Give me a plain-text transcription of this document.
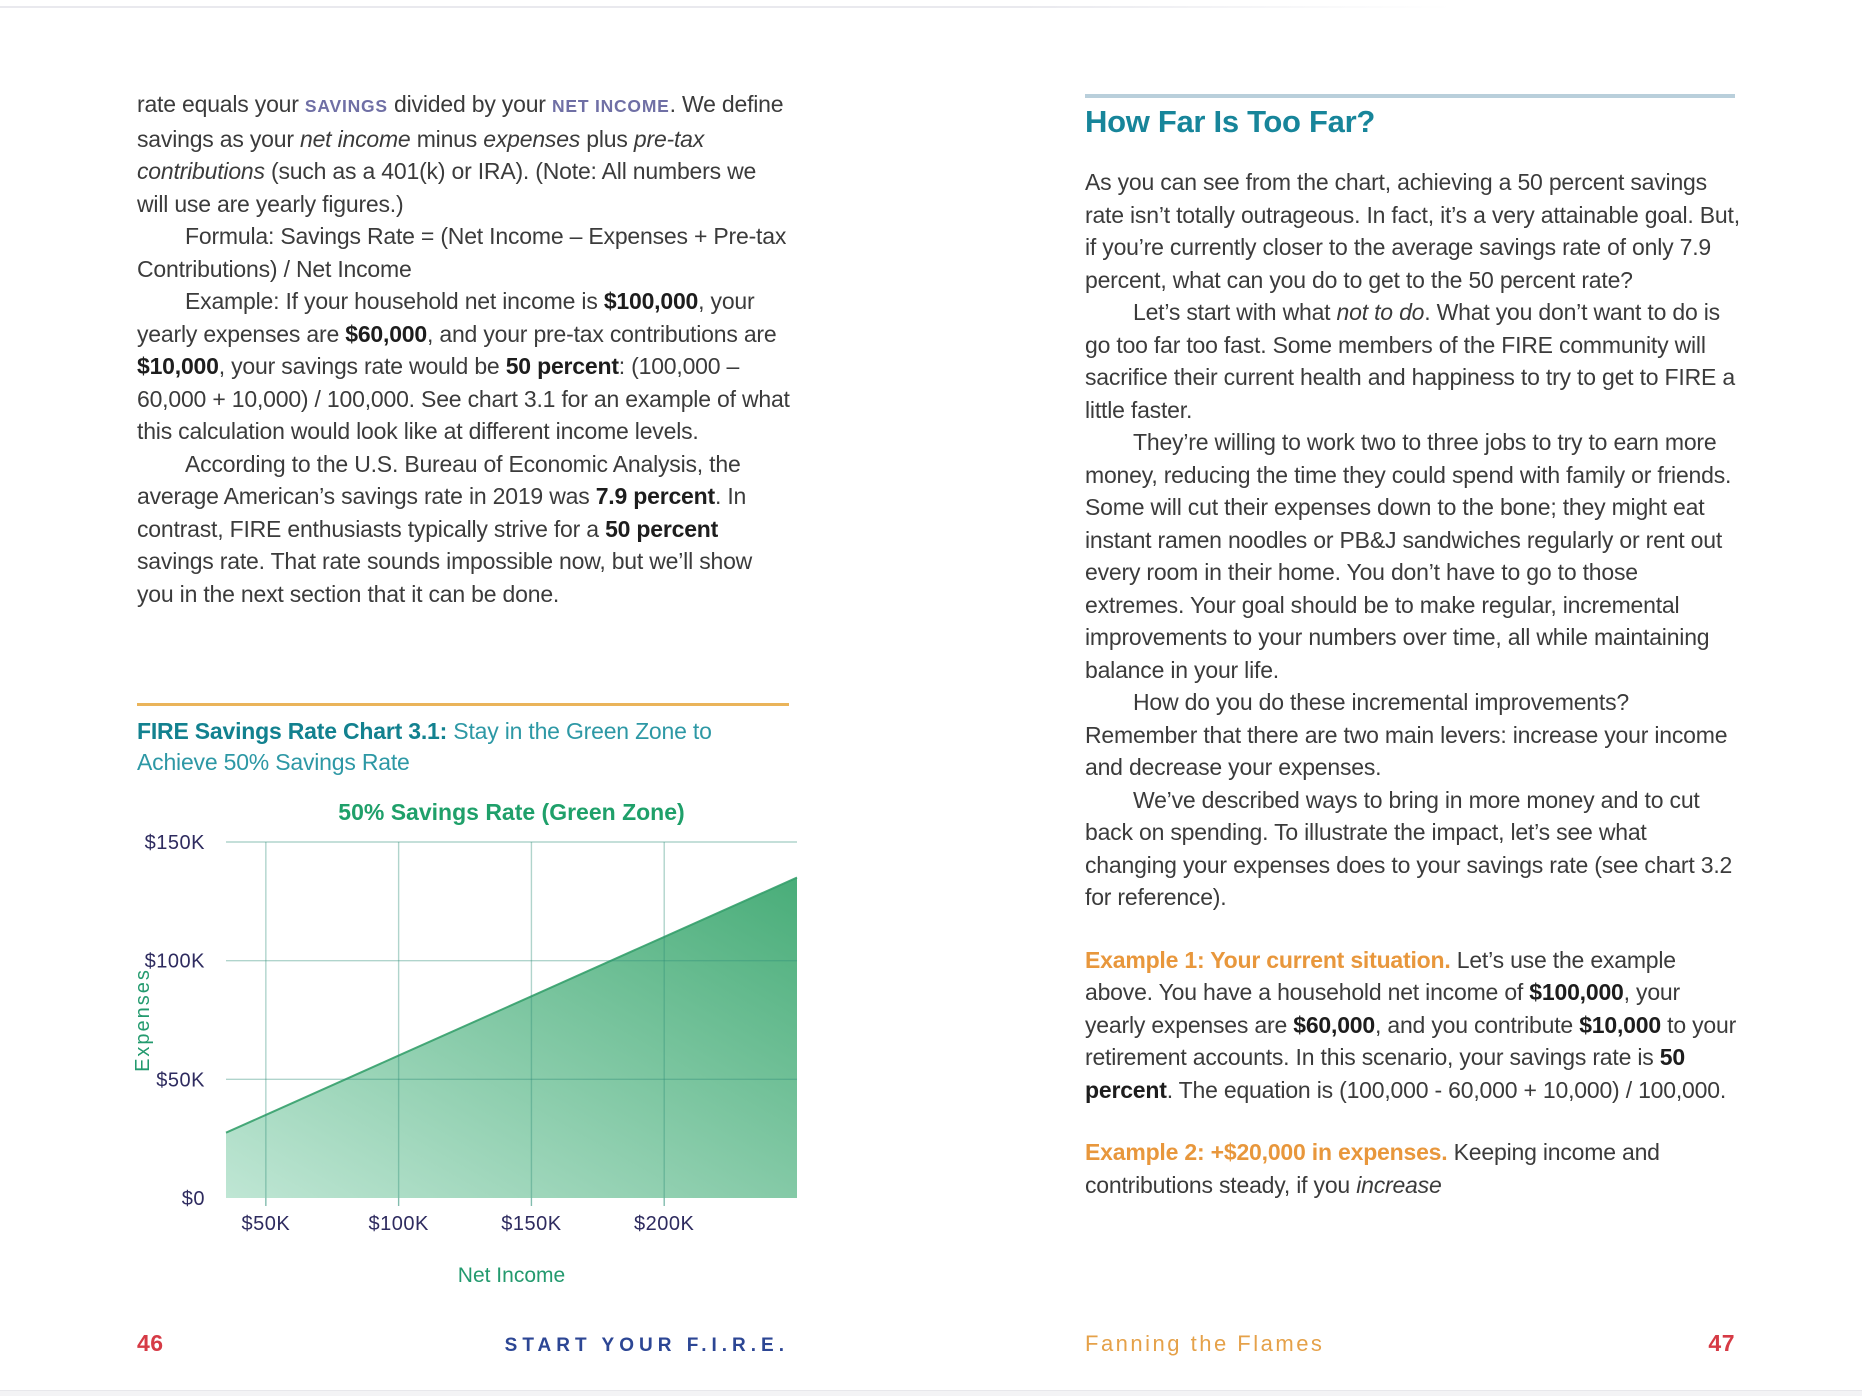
rate equals your SAVINGS divided by your NET INCOME. We define savings as your net income minus expenses plus pre-tax contributions (such as a 401(k) or IRA). (Note: All numbers we will use are yearly figures.)

Formula: Savings Rate = (Net Income – Expenses + Pre-tax Contributions) / Net Income

Example: If your household net income is $100,000, your yearly expenses are $60,000, and your pre-tax contributions are $10,000, your savings rate would be 50 percent: (100,000 – 60,000 + 10,000) / 100,000. See chart 3.1 for an example of what this calculation would look like at different income levels.

According to the U.S. Bureau of Economic Analysis, the average American’s savings rate in 2019 was 7.9 percent. In contrast, FIRE enthusiasts typically strive for a 50 percent savings rate. That rate sounds impossible now, but we’ll show you in the next section that it can be done.

FIRE Savings Rate Chart 3.1: Stay in the Green Zone to Achieve 50% Savings Rate
$0
$50K
$100K
$150K
$50K	$100K	$150K	$200K
50% Savings Rate (Green Zone)
Net Income
Expenses
46	START YOUR F.I.R.E.
How Far Is Too Far?

As you can see from the chart, achieving a 50 percent savings rate isn’t totally outrageous. In fact, it’s a very attainable goal. But, if you’re currently closer to the average savings rate of only 7.9 percent, what can you do to get to the 50 percent rate?

Let’s start with what not to do. What you don’t want to do is go too far too fast. Some members of the FIRE community will sacrifice their current health and happiness to try to get to FIRE a little faster.

They’re willing to work two to three jobs to try to earn more money, reducing the time they could spend with family or friends. Some will cut their expenses down to the bone; they might eat instant ramen noodles or PB&J sandwiches regularly or rent out every room in their home. You don’t have to go to those extremes. Your goal should be to make regular, incremental improvements to your numbers over time, all while maintaining balance in your life.

How do you do these incremental improvements? Remember that there are two main levers: increase your income and decrease your expenses.

We’ve described ways to bring in more money and to cut back on spending. To illustrate the impact, let’s see what changing your expenses does to your savings rate (see chart 3.2 for reference).

Example 1: Your current situation. Let’s use the example above. You have a household net income of $100,000, your yearly expenses are $60,000, and you contribute $10,000 to your retirement accounts. In this scenario, your savings rate is 50 percent. The equation is (100,000 - 60,000 + 10,000) / 100,000.

Example 2: +$20,000 in expenses. Keeping income and contributions steady, if you increase

Fanning the Flames	47
